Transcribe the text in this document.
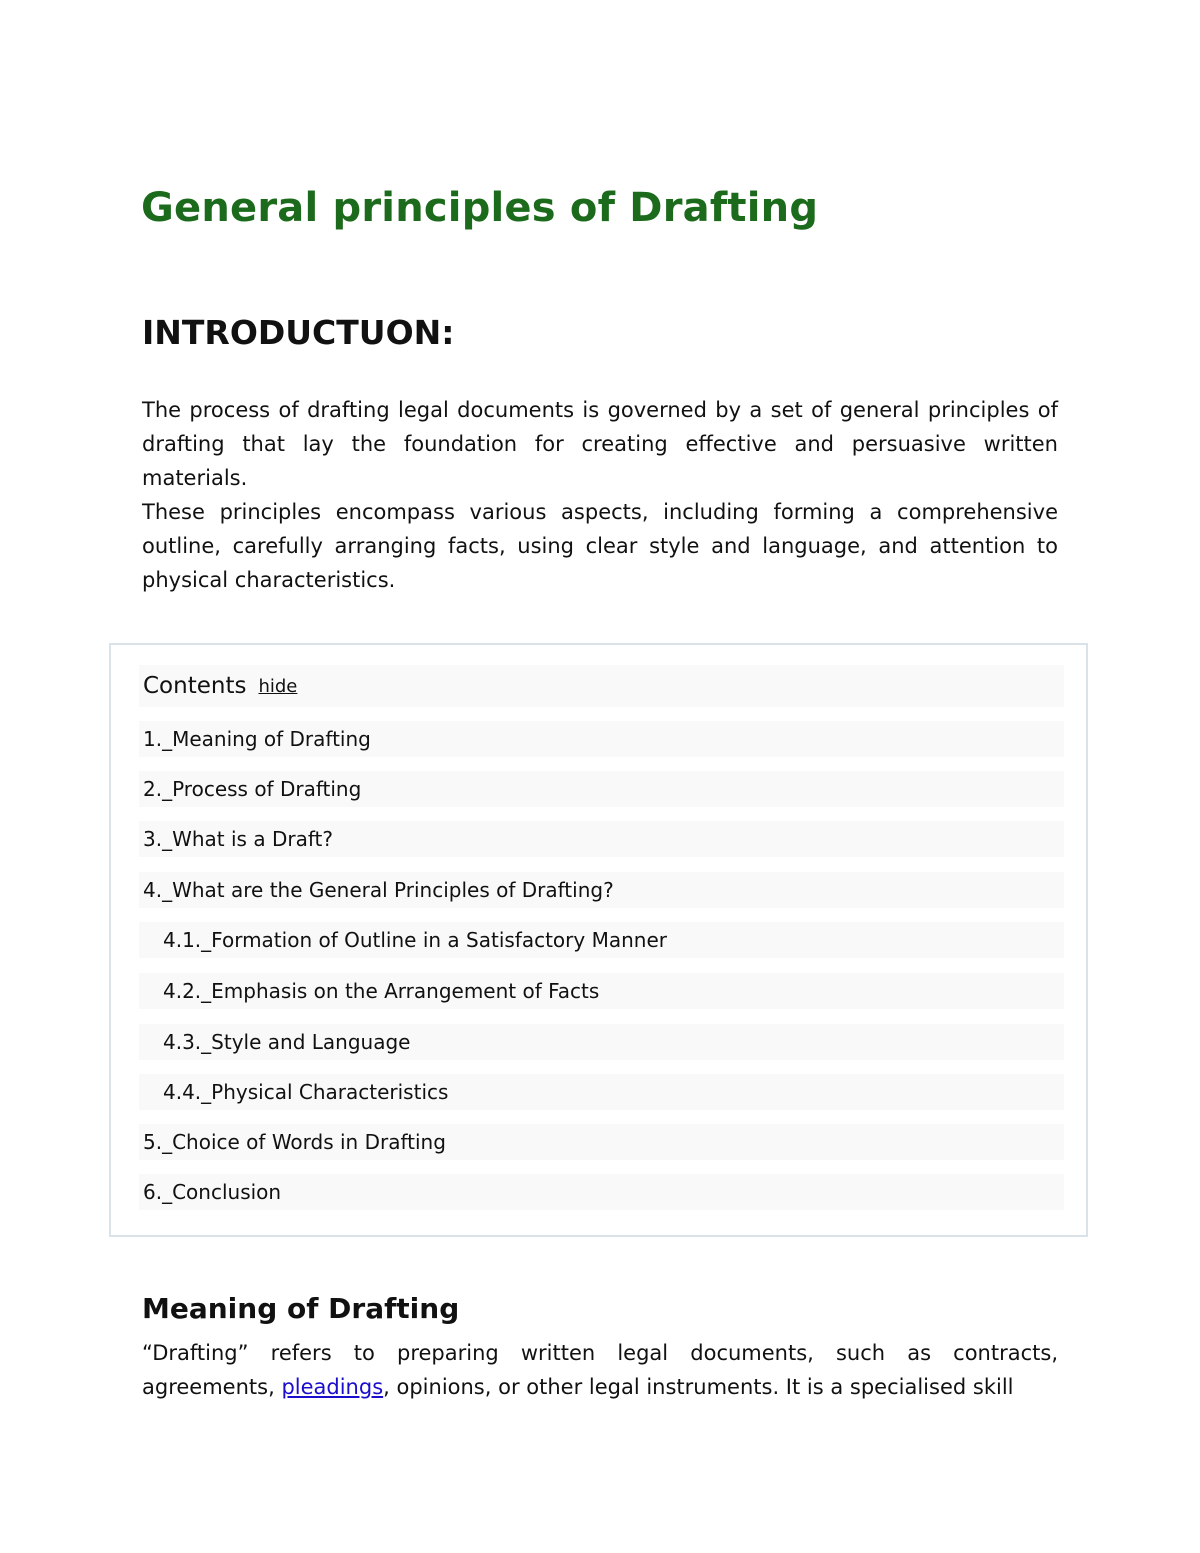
General principles of Drafting
INTRODUCTUON:

The process of drafting legal documents is governed by a set of general principles of drafting that lay the foundation for creating effective and persuasive written materials.

These principles encompass various aspects, including forming a comprehensive outline, carefully arranging facts, using clear style and language, and attention to physical characteristics.

Contents hide
1. _ Meaning of Drafting
2. _ Process of Drafting
3. _ What is a Draft?
4. _ What are the General Principles of Drafting?
4.1. _ Formation of Outline in a Satisfactory Manner
4.2. _ Emphasis on the Arrangement of Facts
4.3. _ Style and Language
4.4. _ Physical Characteristics
5. _ Choice of Words in Drafting
6. _ Conclusion
Meaning of Drafting

“Drafting” refers to preparing written legal documents, such as contracts, agreements, pleadings, opinions, or other legal instruments. It is a specialised skill
